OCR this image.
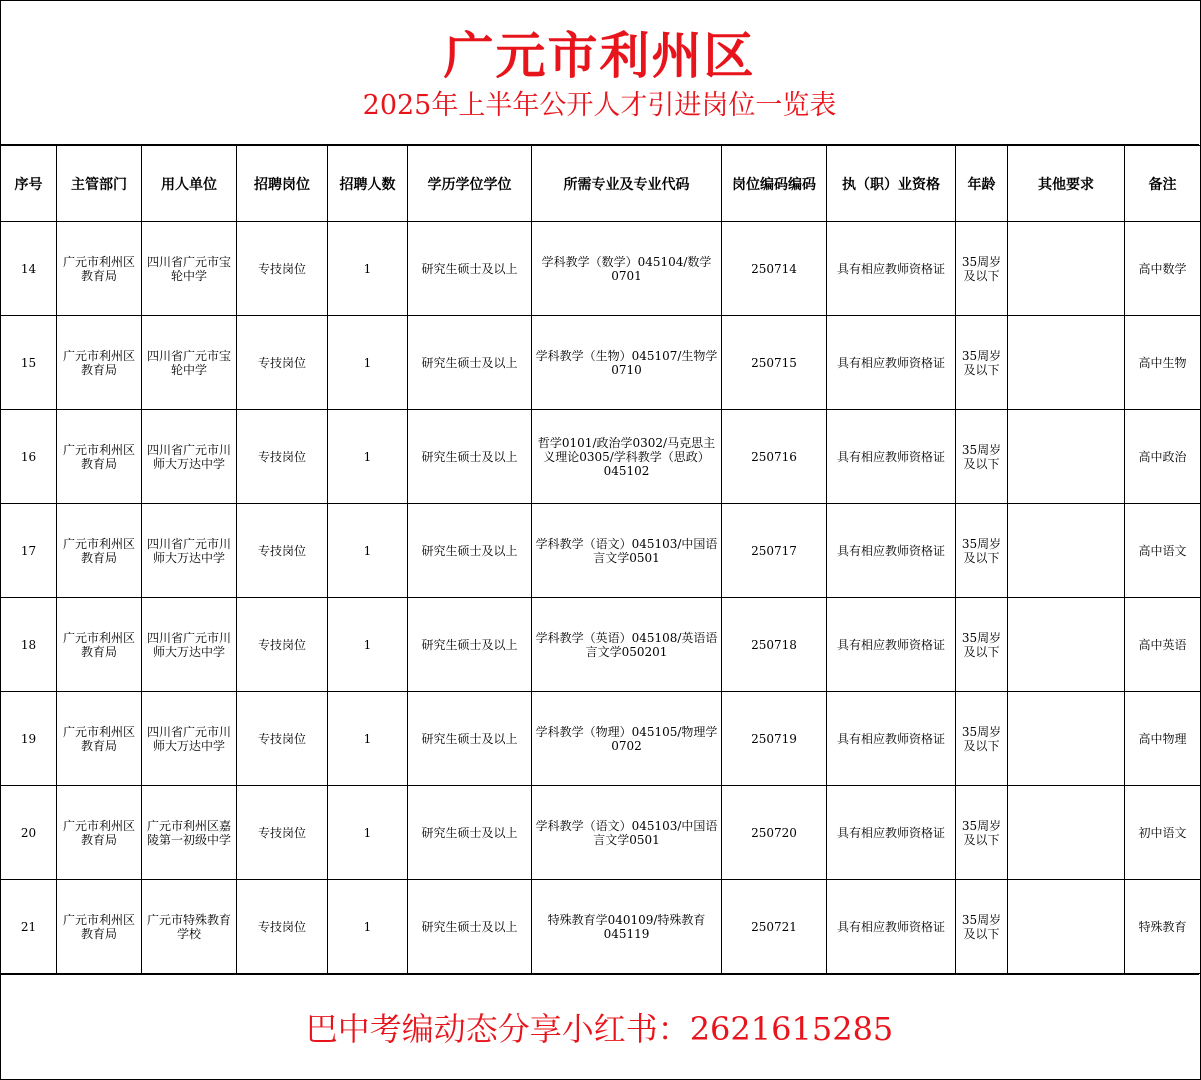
广元市利州区
2025年上半年公开人才引进岗位一览表
序号	主管部门	用人单位	招聘岗位	招聘人数	学历学位学位	所需专业及专业代码	岗位编码编码	执（职）业资格	年龄	其他要求	备注
14	广元市利州区教育局	四川省广元市宝轮中学	专技岗位	1	研究生硕士及以上	学科教学（数学）045104/数学0701	250714	具有相应教师资格证	35周岁及以下		高中数学
15	广元市利州区教育局	四川省广元市宝轮中学	专技岗位	1	研究生硕士及以上	学科教学（生物）045107/生物学0710	250715	具有相应教师资格证	35周岁及以下		高中生物
16	广元市利州区教育局	四川省广元市川师大万达中学	专技岗位	1	研究生硕士及以上	哲学0101/政治学0302/马克思主义理论0305/学科教学（思政）045102	250716	具有相应教师资格证	35周岁及以下		高中政治
17	广元市利州区教育局	四川省广元市川师大万达中学	专技岗位	1	研究生硕士及以上	学科教学（语文）045103/中国语言文学0501	250717	具有相应教师资格证	35周岁及以下		高中语文
18	广元市利州区教育局	四川省广元市川师大万达中学	专技岗位	1	研究生硕士及以上	学科教学（英语）045108/英语语言文学050201	250718	具有相应教师资格证	35周岁及以下		高中英语
19	广元市利州区教育局	四川省广元市川师大万达中学	专技岗位	1	研究生硕士及以上	学科教学（物理）045105/物理学0702	250719	具有相应教师资格证	35周岁及以下		高中物理
20	广元市利州区教育局	广元市利州区嘉陵第一初级中学	专技岗位	1	研究生硕士及以上	学科教学（语文）045103/中国语言文学0501	250720	具有相应教师资格证	35周岁及以下		初中语文
21	广元市利州区教育局	广元市特殊教育学校	专技岗位	1	研究生硕士及以上	特殊教育学040109/特殊教育045119	250721	具有相应教师资格证	35周岁及以下		特殊教育
巴中考编动态分享小红书：2621615285
